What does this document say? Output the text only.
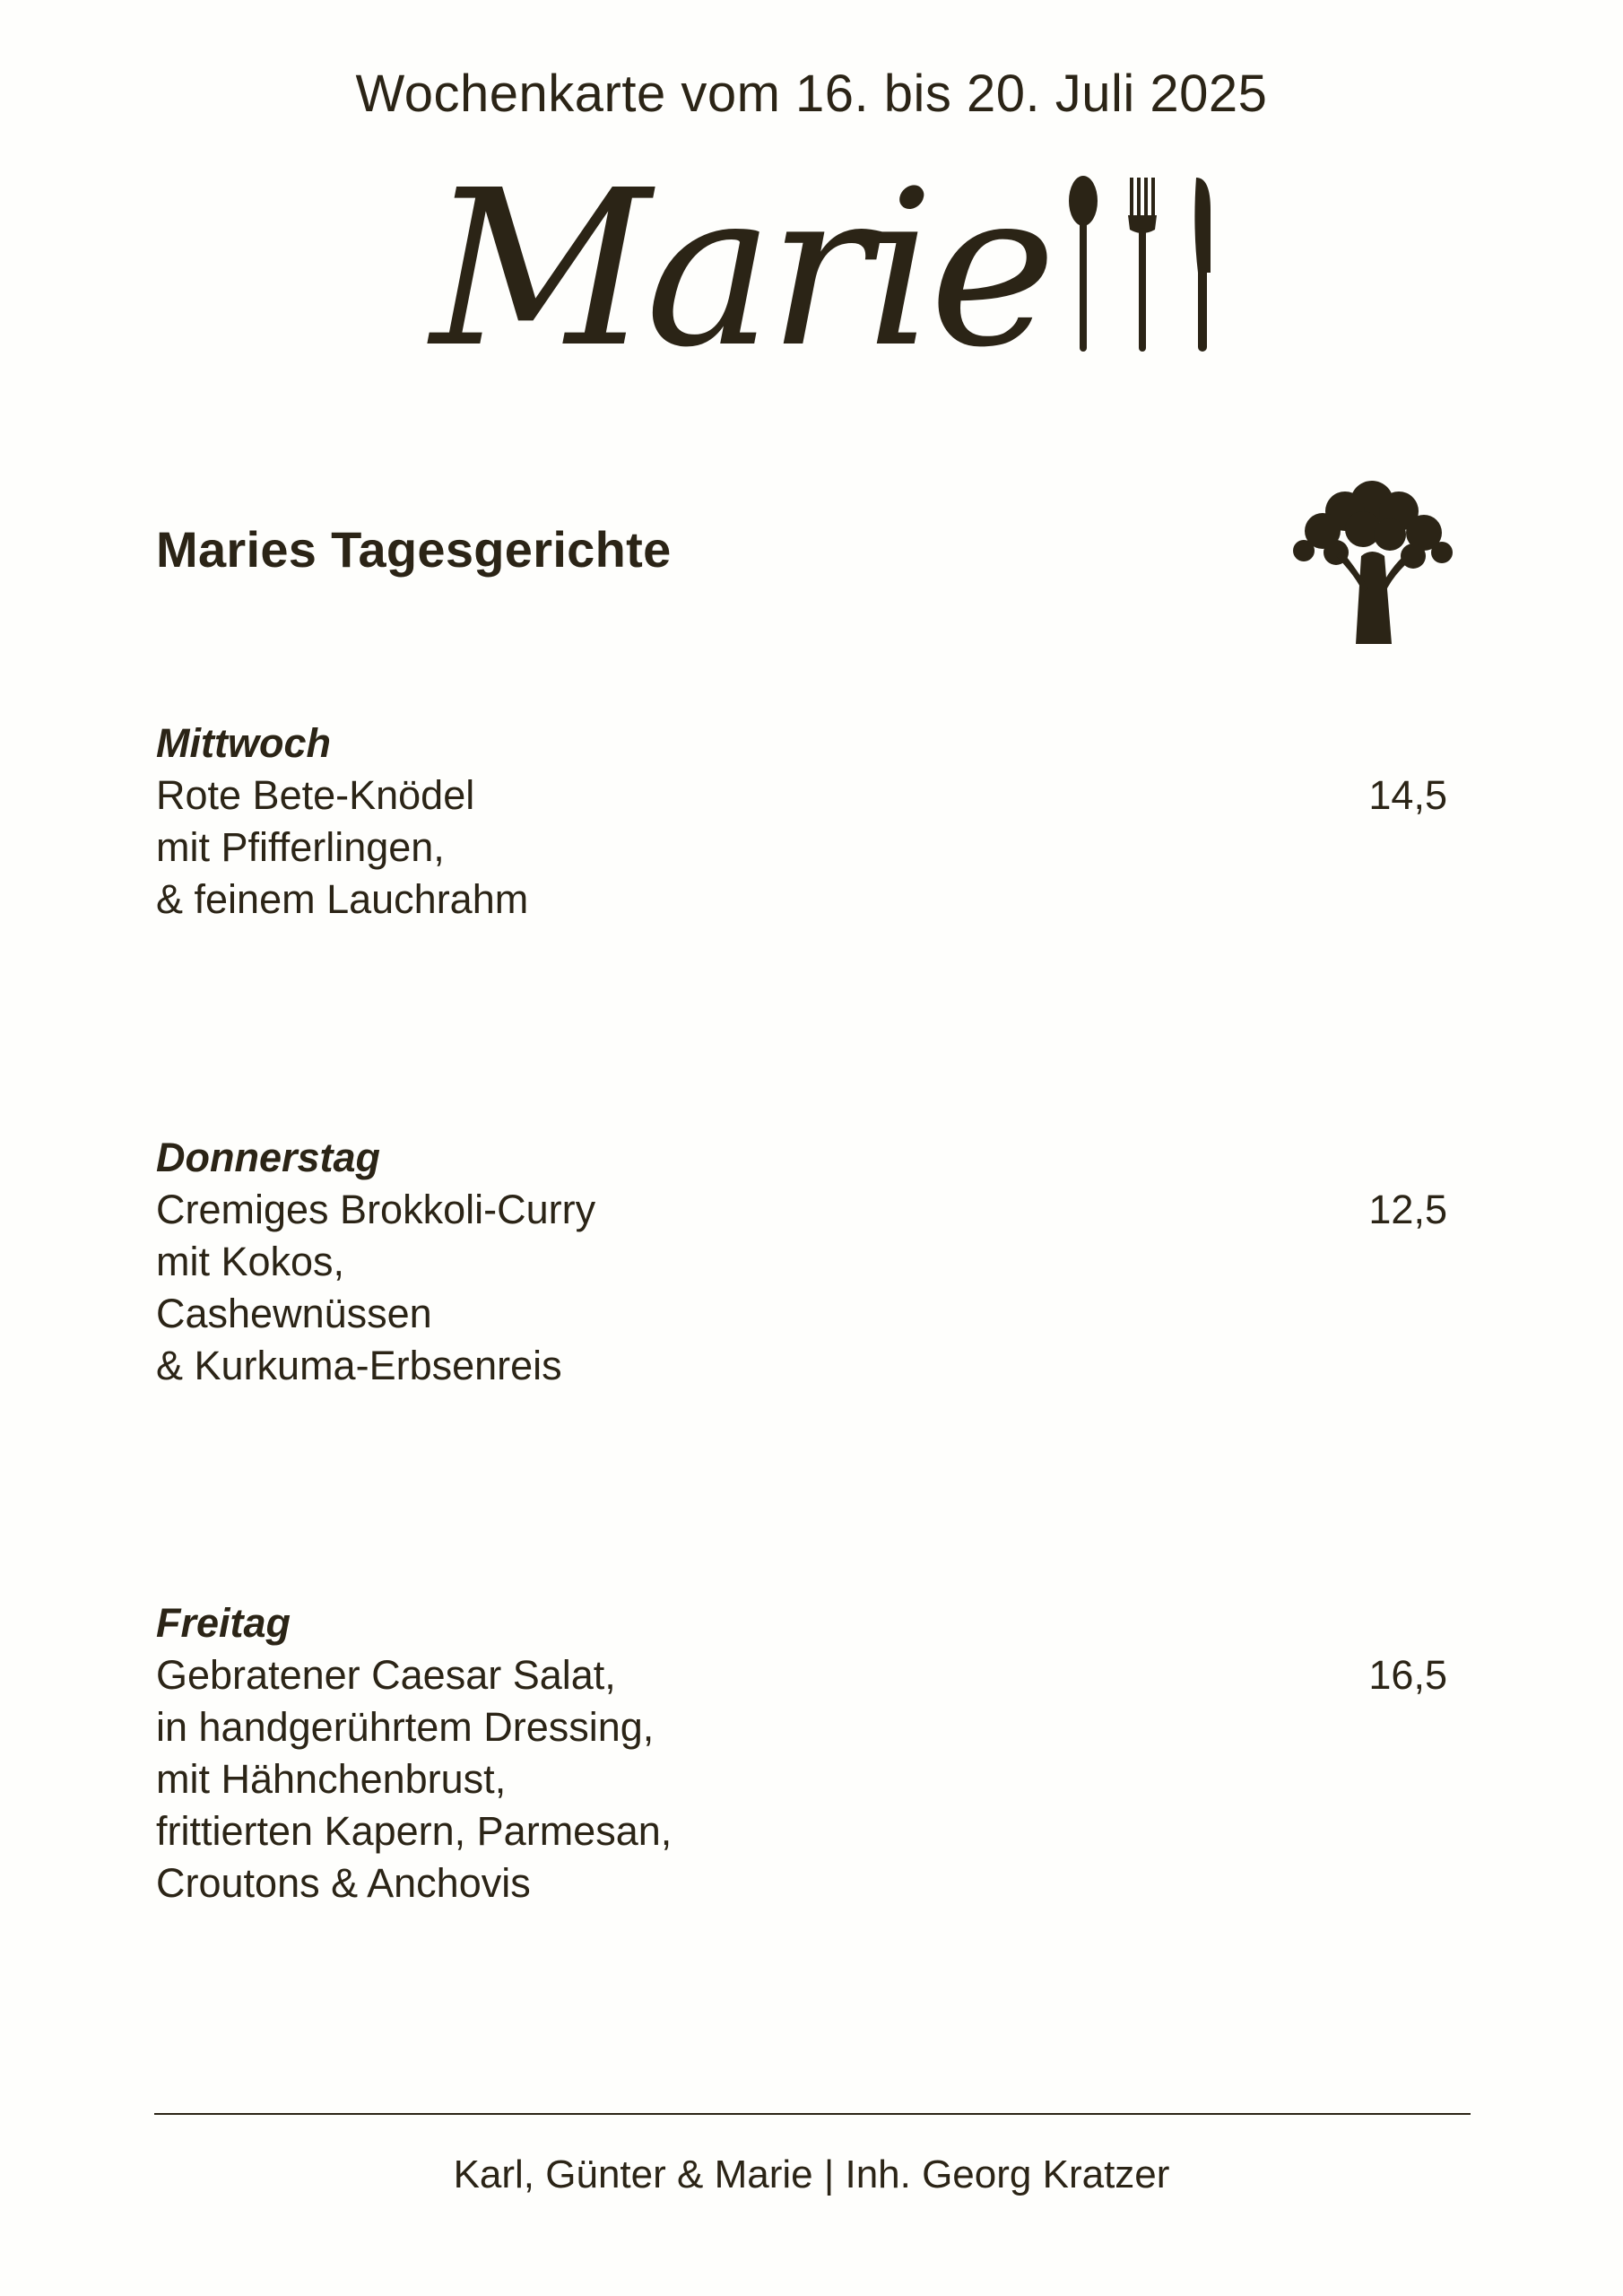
Wochenkarte vom 16. bis 20. Juli 2025
Marie
Maries Tagesgerichte
Mittwoch
Rote Bete-Knödel
mit Pfifferlingen,
& feinem Lauchrahm
14,5
Donnerstag
Cremiges Brokkoli-Curry
mit Kokos,
Cashewnüssen
& Kurkuma-Erbsenreis
12,5
Freitag
Gebratener Caesar Salat,
in handgerührtem Dressing,
mit Hähnchenbrust,
frittierten Kapern, Parmesan,
Croutons & Anchovis
16,5
Karl, Günter & Marie | Inh. Georg Kratzer
